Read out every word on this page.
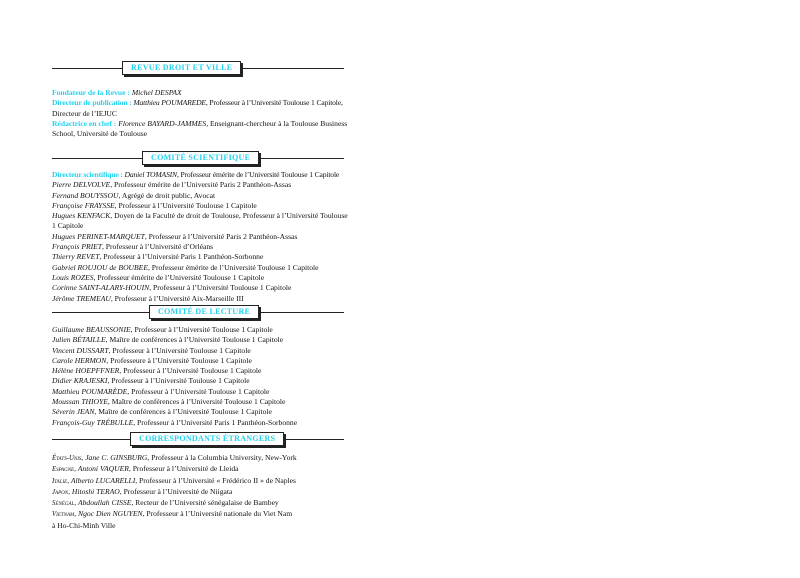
REVUE DROIT ET VILLE
Fondateur de la Revue : Michel DESPAX
Directeur de publication : Matthieu POUMAREDE, Professeur à l’Université Toulouse 1 Capitole,
Directeur de l’IEJUC
Rédactrice en chef : Florence BAYARD-JAMMES, Enseignant-chercheur à la Toulouse Business School, Université de Toulouse
COMITÉ SCIENTIFIQUE
Directeur scientifique : Daniel TOMASIN, Professeur émérite de l’Université Toulouse 1 Capitole
Pierre DELVOLVE, Professeur émérite de l’Université Paris 2 Panthéon-Assas
Fernand BOUYSSOU, Agrégé de droit public, Avocat
Françoise FRAYSSE, Professeur à l’Université Toulouse 1 Capitole
Hugues KENFACK, Doyen de la Faculté de droit de Toulouse, Professeur à l’Université Toulouse 1 Capitole
Hugues PERINET-MARQUET, Professeur à l’Université Paris 2 Panthéon-Assas
François PRIET, Professeur à l’Université d’Orléans
Thierry REVET, Professeur à l’Université Paris 1 Panthéon-Sorbonne
Gabriel ROUJOU de BOUBEE, Professeur émérite de l’Université Toulouse 1 Capitole
Louis ROZES, Professeur émérite de l’Université Toulouse 1 Capitole
Corinne SAINT-ALARY-HOUIN, Professeur à l’Université Toulouse 1 Capitole
Jérôme TREMEAU, Professeur à l’Université Aix-Marseille III
COMITÉ DE LECTURE
Guillaume BEAUSSONIE, Professeur à l’Université Toulouse 1 Capitole
Julien BÉTAILLE, Maître de conférences à l’Université Toulouse 1 Capitole
Vincent DUSSART, Professeur à l’Université Toulouse 1 Capitole
Carole HERMON, Professeure à l’Université Toulouse 1 Capitole
Hélène HOEPFFNER, Professeur à l’Université Toulouse 1 Capitole
Didier KRAJESKI, Professeur à l’Université Toulouse 1 Capitole
Matthieu POUMARÈDE, Professeur à l’Université Toulouse 1 Capitole
Moussan THIOYE, Maître de conférences à l’Université Toulouse 1 Capitole
Séverin JEAN, Maître de conférences à l’Université Toulouse 1 Capitole
François-Guy TRÉBULLE, Professeur à l’Université Paris 1 Panthéon-Sorbonne
CORRESPONDANTS ÉTRANGERS
États-Unis, Jane C. GINSBURG, Professeur à la Columbia University, New-York
Espagne, Antoni VAQUER, Professeur à l’Université de Lleida
Italie, Alberto LUCARELLI, Professeur à l’Université « Frédérico II » de Naples
Japon, Hitoshi TERAO, Professeur à l’Université de Niigata
Sénégal, Abdoullah CISSE, Recteur de l’Université sénégalaise de Bambey
Vietnam, Ngoc Dien NGUYEN, Professeur à l’Université nationale du Viet Nam
à Ho-Chi-Minh Ville
